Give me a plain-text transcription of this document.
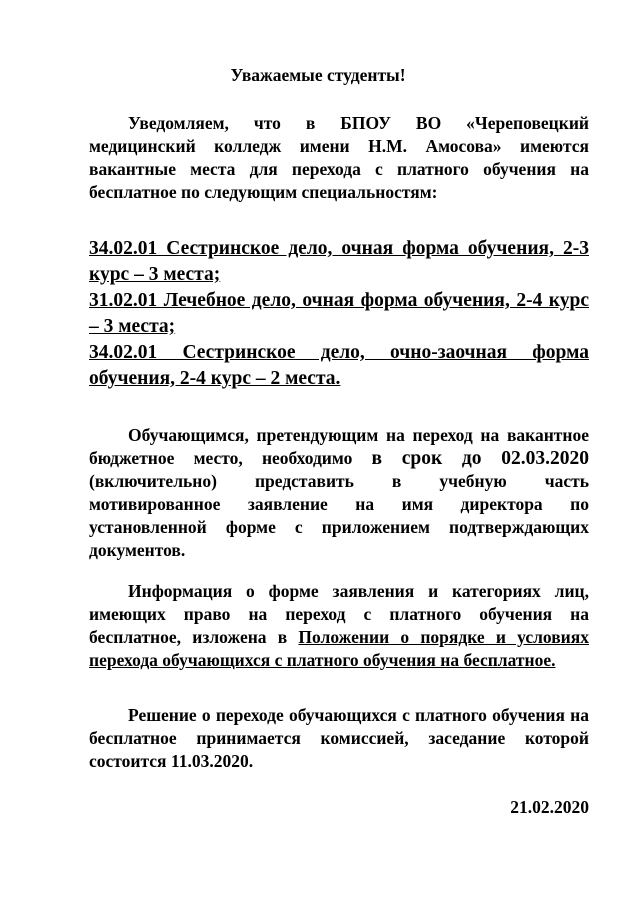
Уважаемые студенты!
Уведомляем, что в БПОУ ВО «Череповецкий медицинский колледж имени Н.М. Амосова» имеются вакантные места для перехода с платного обучения на бесплатное по следующим специальностям:
34.02.01 Сестринское дело, очная форма обучения, 2-3 курс – 3 места;
31.02.01 Лечебное дело, очная форма обучения, 2-4 курс – 3 места;
34.02.01 Сестринское дело, очно-заочная форма обучения, 2-4 курс – 2 места.
Обучающимся, претендующим на переход на вакантное бюджетное место, необходимо в срок до 02.03.2020 (включительно) представить в учебную часть мотивированное заявление на имя директора по установленной форме с приложением подтверждающих документов.
Информация о форме заявления и категориях лиц, имеющих право на переход с платного обучения на бесплатное, изложена в Положении о порядке и условиях перехода обучающихся с платного обучения на бесплатное.
Решение о переходе обучающихся с платного обучения на бесплатное принимается комиссией, заседание которой состоится 11.03.2020.
21.02.2020
